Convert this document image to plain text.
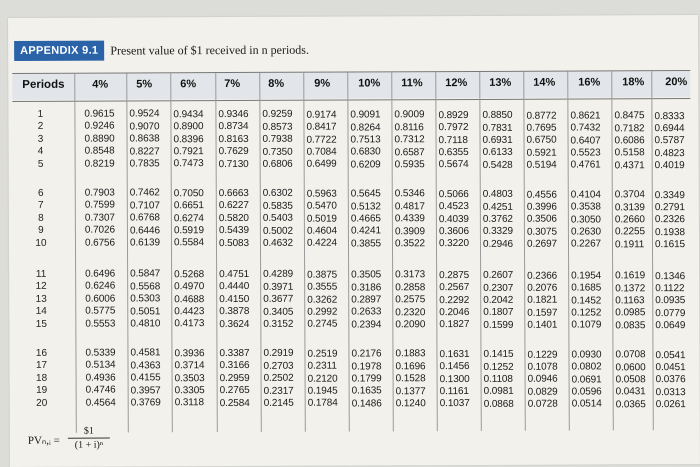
APPENDIX 9.1 Present value of $1 received in n periods.
Periods
PVₙ,ᵢ =
$1
(1 + i)ⁿ
4%	5%	6%	7%	8%	9%	10% 11% 12% 13% 14% 16% 18% 20%
1	0.9615 0.9524 0.9434 0.9346 0.9259 0.9174 0.9091 0.9009 0.8929 0.8850 0.8772 0.8621 0.8475 0.8333
2	0.9246 0.9070 0.8900 0.8734 0.8573 0.8417 0.8264 0.8116 0.7972 0.7831 0.7695 0.7432 0.7182 0.6944
3	0.8890 0.8638 0.8396 0.8163 0.7938 0.7722 0.7513 0.7312 0.7118 0.6931 0.6750 0.6407 0.6086 0.5787
4	0.8548 0.8227 0.7921 0.7629 0.7350 0.7084 0.6830 0.6587 0.6355 0.6133 0.5921 0.5523 0.5158 0.4823
5	0.8219 0.7835 0.7473 0.7130 0.6806 0.6499 0.6209 0.5935 0.5674 0.5428 0.5194 0.4761 0.4371 0.4019
6	0.7903 0.7462 0.7050 0.6663 0.6302 0.5963 0.5645 0.5346 0.5066 0.4803 0.4556 0.4104 0.3704 0.3349
7	0.7599 0.7107 0.6651 0.6227 0.5835 0.5470 0.5132 0.4817 0.4523 0.4251 0.3996 0.3538 0.3139 0.2791
8	0.7307 0.6768 0.6274 0.5820 0.5403 0.5019 0.4665 0.4339 0.4039 0.3762 0.3506 0.3050 0.2660 0.2326
9	0.7026 0.6446 0.5919 0.5439 0.5002 0.4604 0.4241 0.3909 0.3606 0.3329 0.3075 0.2630 0.2255 0.1938
10	0.6756 0.6139 0.5584 0.5083 0.4632 0.4224 0.3855 0.3522 0.3220 0.2946 0.2697 0.2267 0.1911 0.1615
11	0.6496 0.5847 0.5268 0.4751 0.4289 0.3875 0.3505 0.3173 0.2875 0.2607 0.2366 0.1954 0.1619 0.1346
12	0.6246 0.5568 0.4970 0.4440 0.3971 0.3555 0.3186 0.2858 0.2567 0.2307 0.2076 0.1685 0.1372 0.1122
13	0.6006 0.5303 0.4688 0.4150 0.3677 0.3262 0.2897 0.2575 0.2292 0.2042 0.1821 0.1452 0.1163 0.0935
14	0.5775 0.5051 0.4423 0.3878 0.3405 0.2992 0.2633 0.2320 0.2046 0.1807 0.1597 0.1252 0.0985 0.0779
15	0.5553 0.4810 0.4173 0.3624 0.3152 0.2745 0.2394 0.2090 0.1827 0.1599 0.1401 0.1079 0.0835 0.0649
16	0.5339 0.4581 0.3936 0.3387 0.2919 0.2519 0.2176 0.1883 0.1631 0.1415 0.1229 0.0930 0.0708 0.0541
17	0.5134 0.4363 0.3714 0.3166 0.2703 0.2311 0.1978 0.1696 0.1456 0.1252 0.1078 0.0802 0.0600 0.0451
18	0.4936 0.4155 0.3503 0.2959 0.2502 0.2120 0.1799 0.1528 0.1300 0.1108 0.0946 0.0691 0.0508 0.0376
19	0.4746 0.3957 0.3305 0.2765 0.2317 0.1945 0.1635 0.1377 0.1161 0.0981 0.0829 0.0596 0.0431 0.0313
20	0.4564 0.3769 0.3118 0.2584 0.2145 0.1784 0.1486 0.1240 0.1037 0.0868 0.0728 0.0514 0.0365 0.0261
